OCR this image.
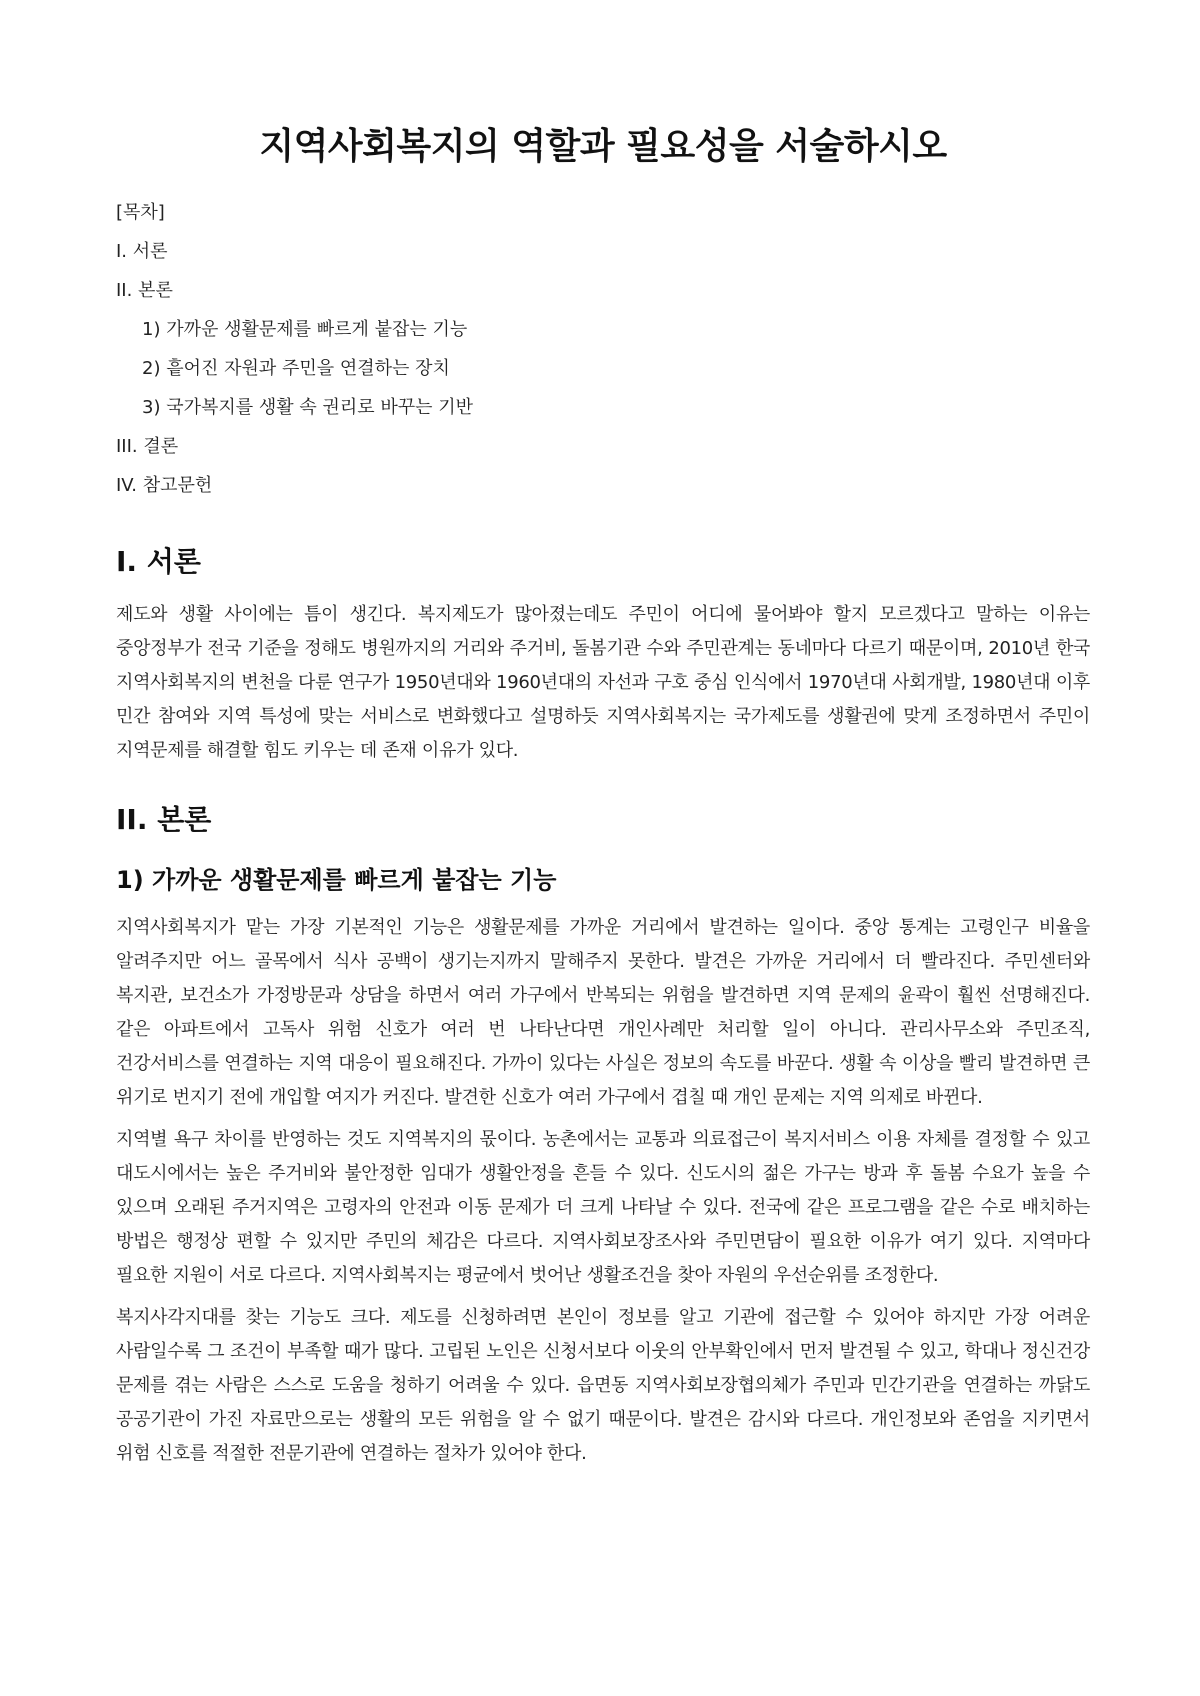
지역사회복지의 역할과 필요성을 서술하시오
[목차]
I. 서론
II. 본론
1) 가까운 생활문제를 빠르게 붙잡는 기능
2) 흩어진 자원과 주민을 연결하는 장치
3) 국가복지를 생활 속 권리로 바꾸는 기반
III. 결론
IV. 참고문헌
I. 서론

제도와 생활 사이에는 틈이 생긴다. 복지제도가 많아졌는데도 주민이 어디에 물어봐야 할지 모르겠다고 말하는 이유는 중앙정부가 전국 기준을 정해도 병원까지의 거리와 주거비, 돌봄기관 수와 주민관계는 동네마다 다르기 때문이며, 2010년 한국 지역사회복지의 변천을 다룬 연구가 1950년대와 1960년대의 자선과 구호 중심 인식에서 1970년대 사회개발, 1980년대 이후 민간 참여와 지역 특성에 맞는 서비스로 변화했다고 설명하듯 지역사회복지는 국가제도를 생활권에 맞게 조정하면서 주민이 지역문제를 해결할 힘도 키우는 데 존재 이유가 있다.

II. 본론
1) 가까운 생활문제를 빠르게 붙잡는 기능

지역사회복지가 맡는 가장 기본적인 기능은 생활문제를 가까운 거리에서 발견하는 일이다. 중앙 통계는 고령인구 비율을 알려주지만 어느 골목에서 식사 공백이 생기는지까지 말해주지 못한다. 발견은 가까운 거리에서 더 빨라진다. 주민센터와 복지관, 보건소가 가정방문과 상담을 하면서 여러 가구에서 반복되는 위험을 발견하면 지역 문제의 윤곽이 훨씬 선명해진다. 같은 아파트에서 고독사 위험 신호가 여러 번 나타난다면 개인사례만 처리할 일이 아니다. 관리사무소와 주민조직, 건강서비스를 연결하는 지역 대응이 필요해진다. 가까이 있다는 사실은 정보의 속도를 바꾼다. 생활 속 이상을 빨리 발견하면 큰 위기로 번지기 전에 개입할 여지가 커진다. 발견한 신호가 여러 가구에서 겹칠 때 개인 문제는 지역 의제로 바뀐다.

지역별 욕구 차이를 반영하는 것도 지역복지의 몫이다. 농촌에서는 교통과 의료접근이 복지서비스 이용 자체를 결정할 수 있고 대도시에서는 높은 주거비와 불안정한 임대가 생활안정을 흔들 수 있다. 신도시의 젊은 가구는 방과 후 돌봄 수요가 높을 수 있으며 오래된 주거지역은 고령자의 안전과 이동 문제가 더 크게 나타날 수 있다. 전국에 같은 프로그램을 같은 수로 배치하는 방법은 행정상 편할 수 있지만 주민의 체감은 다르다. 지역사회보장조사와 주민면담이 필요한 이유가 여기 있다. 지역마다 필요한 지원이 서로 다르다. 지역사회복지는 평균에서 벗어난 생활조건을 찾아 자원의 우선순위를 조정한다.

복지사각지대를 찾는 기능도 크다. 제도를 신청하려면 본인이 정보를 알고 기관에 접근할 수 있어야 하지만 가장 어려운 사람일수록 그 조건이 부족할 때가 많다. 고립된 노인은 신청서보다 이웃의 안부확인에서 먼저 발견될 수 있고, 학대나 정신건강 문제를 겪는 사람은 스스로 도움을 청하기 어려울 수 있다. 읍면동 지역사회보장협의체가 주민과 민간기관을 연결하는 까닭도 공공기관이 가진 자료만으로는 생활의 모든 위험을 알 수 없기 때문이다. 발견은 감시와 다르다. 개인정보와 존엄을 지키면서 위험 신호를 적절한 전문기관에 연결하는 절차가 있어야 한다.
